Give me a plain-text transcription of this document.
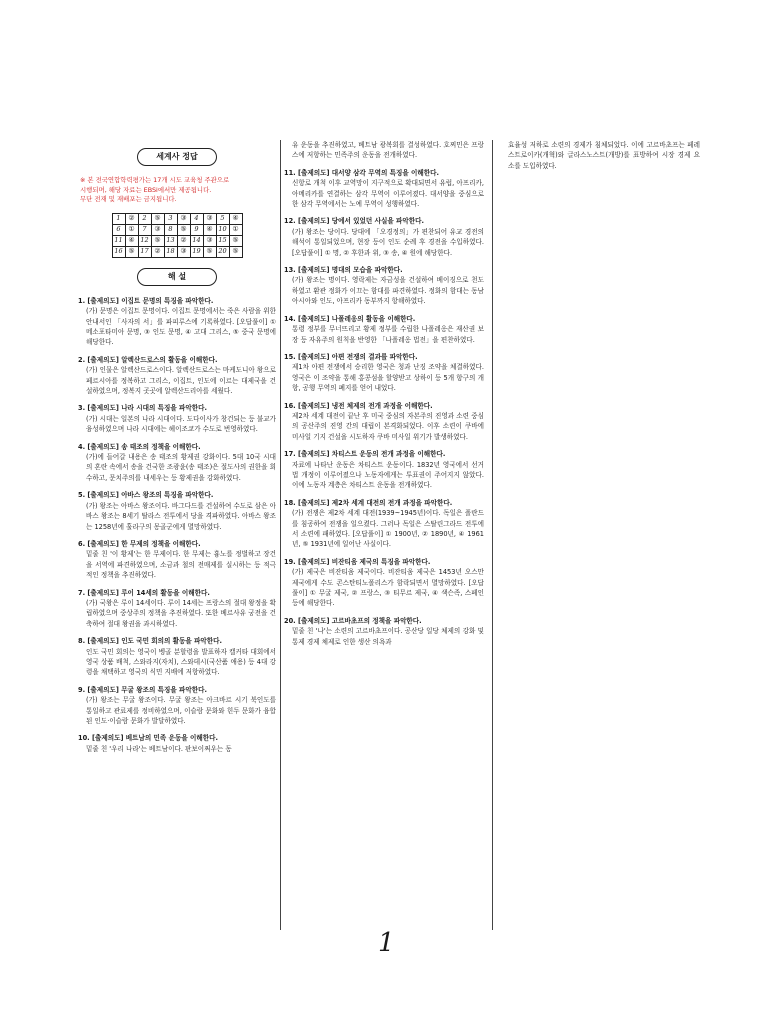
세계사 정답
※ 본 전국연합학력평가는 17개 시도 교육청 주관으로
시행되며, 해당 자료는 EBSi에서만 제공됩니다.
무단 전재 및 재배포는 금지됩니다.
1	②	2	⑤	3	③	4	③	5	④
6	①	7	③	8	⑤	9	④	10	①
11	④	12	⑤	13	②	14	③	15	⑤
16	⑤	17	②	18	③	19	⑤	20	⑤
해 설
1. [출제의도] 이집트 문명의 특징을 파악한다.
(가) 문명은 이집트 문명이다. 이집트 문명에서는 죽은 사람을 위한 안내서인 「사자의 서」를 파피루스에 기록하였다. [오답풀이] ① 메소포타미아 문명, ③ 인도 문명, ④ 고대 그리스, ⑤ 중국 문명에 해당한다.
2. [출제의도] 알렉산드로스의 활동을 이해한다.
(가) 인물은 알렉산드로스이다. 알렉산드로스는 마케도니아 왕으로 페르시아를 정복하고 그리스, 이집트, 인도에 이르는 대제국을 건설하였으며, 정복지 곳곳에 알렉산드리아를 세웠다.
3. [출제의도] 나라 시대의 특징을 파악한다.
(가) 시대는 일본의 나라 시대이다. 도다이사가 창건되는 등 불교가 융성하였으며 나라 시대에는 헤이조쿄가 수도로 번영하였다.
4. [출제의도] 송 태조의 정책을 이해한다.
(가)에 들어갈 내용은 송 태조의 황제권 강화이다. 5대 10국 시대의 혼란 속에서 송을 건국한 조광윤(송 태조)은 절도사의 권한을 회수하고, 문치주의를 내세우는 등 황제권을 강화하였다.
5. [출제의도] 아바스 왕조의 특징을 파악한다.
(가) 왕조는 아바스 왕조이다. 바그다드를 건설하여 수도로 삼은 아바스 왕조는 8세기 탈라스 전투에서 당을 격파하였다. 아바스 왕조는 1258년에 훌라구의 몽골군에게 멸망하였다.
6. [출제의도] 한 무제의 정책을 이해한다.
밑줄 친 '이 황제'는 한 무제이다. 한 무제는 흉노를 정벌하고 장건을 서역에 파견하였으며, 소금과 철의 전매제를 실시하는 등 적극적인 정책을 추진하였다.
7. [출제의도] 루이 14세의 활동을 이해한다.
(가) 국왕은 루이 14세이다. 루이 14세는 프랑스의 절대 왕정을 확립하였으며 중상주의 정책을 추진하였다. 또한 베르사유 궁전을 건축하여 절대 왕권을 과시하였다.
8. [출제의도] 인도 국민 회의의 활동을 파악한다.
인도 국민 회의는 영국이 벵골 분할령을 발표하자 캘커타 대회에서 영국 상품 배척, 스와라지(자치), 스와데시(국산품 애용) 등 4대 강령을 채택하고 영국의 식민 지배에 저항하였다.
9. [출제의도] 무굴 왕조의 특징을 파악한다.
(가) 왕조는 무굴 왕조이다. 무굴 왕조는 아크바르 시기 북인도를 통일하고 관료제를 정비하였으며, 이슬람 문화와 힌두 문화가 융합된 인도·이슬람 문화가 발달하였다.
10. [출제의도] 베트남의 민족 운동을 이해한다.
밑줄 친 '우리 나라'는 베트남이다. 판보이쩌우는 동
유 운동을 추진하였고, 베트남 광복회를 결성하였다. 호찌민은 프랑스에 저항하는 민족주의 운동을 전개하였다.
11. [출제의도] 대서양 삼각 무역의 특징을 이해한다.
신항로 개척 이후 교역망이 지구적으로 확대되면서 유럽, 아프리카, 아메리카를 연결하는 삼각 무역이 이루어졌다. 대서양을 중심으로 한 삼각 무역에서는 노예 무역이 성행하였다.
12. [출제의도] 당에서 있었던 사실을 파악한다.
(가) 왕조는 당이다. 당대에 「오경정의」가 편찬되어 유교 경전의 해석이 통일되었으며, 현장 등이 인도 순례 후 경전을 수입하였다. [오답풀이] ① 명, ② 후한과 위, ③ 송, ④ 원에 해당한다.
13. [출제의도] 명대의 모습을 파악한다.
(가) 왕조는 명이다. 영락제는 자금성을 건설하여 베이징으로 천도하였고 환관 정화가 이끄는 함대를 파견하였다. 정화의 함대는 동남아시아와 인도, 아프리카 동부까지 항해하였다.
14. [출제의도] 나폴레옹의 활동을 이해한다.
통령 정부를 무너뜨리고 황제 정부를 수립한 나폴레옹은 재산권 보장 등 자유주의 원칙을 반영한 「나폴레옹 법전」을 편찬하였다.
15. [출제의도] 아편 전쟁의 결과를 파악한다.
제1차 아편 전쟁에서 승리한 영국은 청과 난징 조약을 체결하였다. 영국은 이 조약을 통해 홍콩섬을 할양받고 상하이 등 5개 항구의 개항, 공행 무역의 폐지를 얻어 내었다.
16. [출제의도] 냉전 체제의 전개 과정을 이해한다.
제2차 세계 대전이 끝난 후 미국 중심의 자본주의 진영과 소련 중심의 공산주의 진영 간의 대립이 본격화되었다. 이후 소련이 쿠바에 미사일 기지 건설을 시도하자 쿠바 미사일 위기가 발생하였다.
17. [출제의도] 차티스트 운동의 전개 과정을 이해한다.
자료에 나타난 운동은 차티스트 운동이다. 1832년 영국에서 선거법 개정이 이루어졌으나 노동자에게는 투표권이 주어지지 않았다. 이에 노동자 계층은 차티스트 운동을 전개하였다.
18. [출제의도] 제2차 세계 대전의 전개 과정을 파악한다.
(가) 전쟁은 제2차 세계 대전(1939~1945년)이다. 독일은 폴란드를 침공하여 전쟁을 일으켰다. 그러나 독일은 스탈린그라드 전투에서 소련에 패하였다. [오답풀이] ① 1900년, ② 1890년, ④ 1961년, ⑤ 1931년에 일어난 사실이다.
19. [출제의도] 비잔티움 제국의 특징을 파악한다.
(가) 제국은 비잔티움 제국이다. 비잔티움 제국은 1453년 오스만 제국에게 수도 콘스탄티노폴리스가 함락되면서 멸망하였다. [오답풀이] ① 무굴 제국, ② 프랑스, ③ 티무르 제국, ④ 색슨족, 스페인 등에 해당한다.
20. [출제의도] 고르바초프의 정책을 파악한다.
밑줄 친 '나'는 소련의 고르바초프이다. 공산당 일당 체제의 강화 및 통제 경제 체제로 인한 생산 의욕과
효율성 저하로 소련의 경제가 침체되었다. 이에 고르바초프는 페레스트로이카(개혁)와 글라스노스트(개방)를 표방하여 시장 경제 요소를 도입하였다.
1
